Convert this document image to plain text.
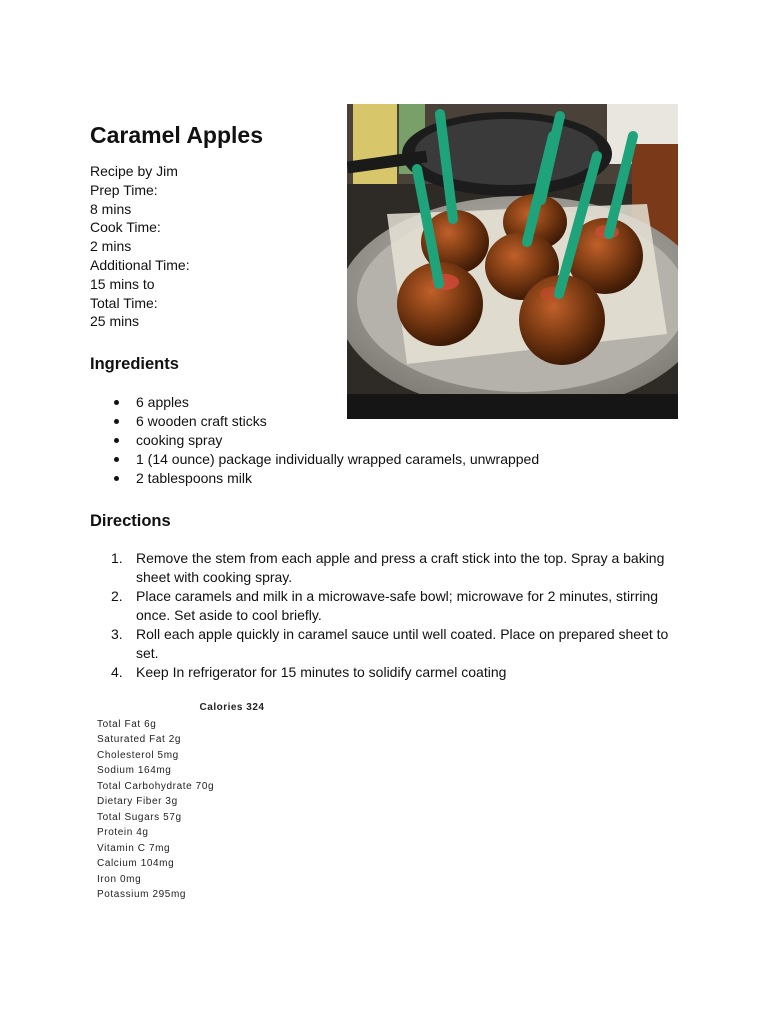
Caramel Apples
Recipe by Jim
Prep Time:
8 mins
Cook Time:
2 mins
Additional Time:
15 mins to
Total Time:
25 mins
Ingredients
6 apples
6 wooden craft sticks
cooking spray
1 (14 ounce) package individually wrapped caramels, unwrapped
2 tablespoons milk
Directions
1. Remove the stem from each apple and press a craft stick into the top. Spray a baking sheet with cooking spray.
2. Place caramels and milk in a microwave-safe bowl; microwave for 2 minutes, stirring once. Set aside to cool briefly.
3. Roll each apple quickly in caramel sauce until well coated. Place on prepared sheet to set.
4. Keep In refrigerator for 15 minutes to solidify carmel coating
Calories 324
Total Fat 6g
Saturated Fat 2g
Cholesterol 5mg
Sodium 164mg
Total Carbohydrate 70g
Dietary Fiber 3g
Total Sugars 57g
Protein 4g
Vitamin C 7mg
Calcium 104mg
Iron 0mg
Potassium 295mg
